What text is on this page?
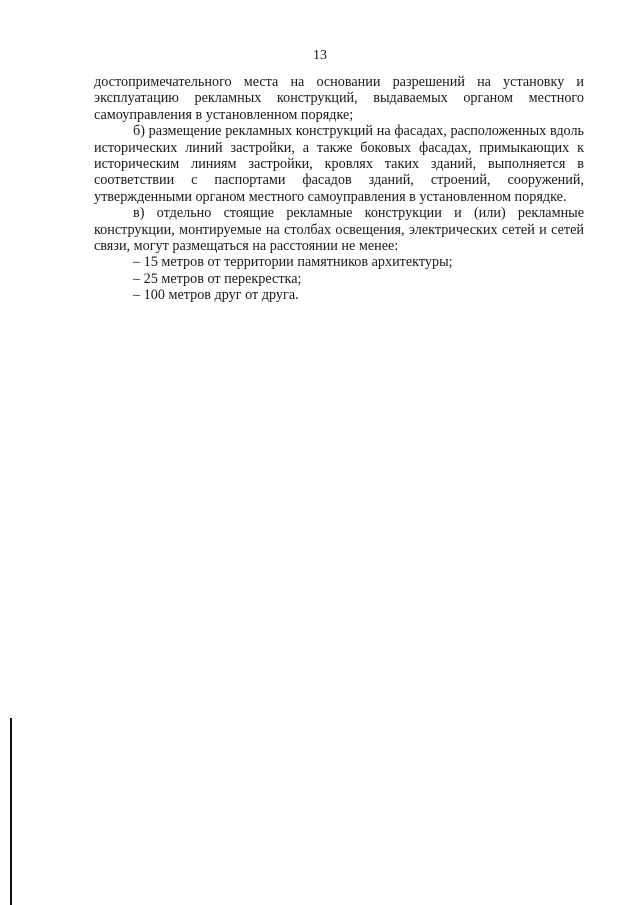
13

достопримечательного места на основании разрешений на установку и эксплуатацию рекламных конструкций, выдаваемых органом местного самоуправления в установленном порядке;

б) размещение рекламных конструкций на фасадах, расположенных вдоль исторических линий застройки, а также боковых фасадах, примыкающих к историческим линиям застройки, кровлях таких зданий, выполняется в соответствии с паспортами фасадов зданий, строений, сооружений, утвержденными органом местного самоуправления в установленном порядке.

в) отдельно стоящие рекламные конструкции и (или) рекламные конструкции, монтируемые на столбах освещения, электрических сетей и сетей связи, могут размещаться на расстоянии не менее:

– 15 метров от территории памятников архитектуры;

– 25 метров от перекрестка;

– 100 метров друг от друга.
